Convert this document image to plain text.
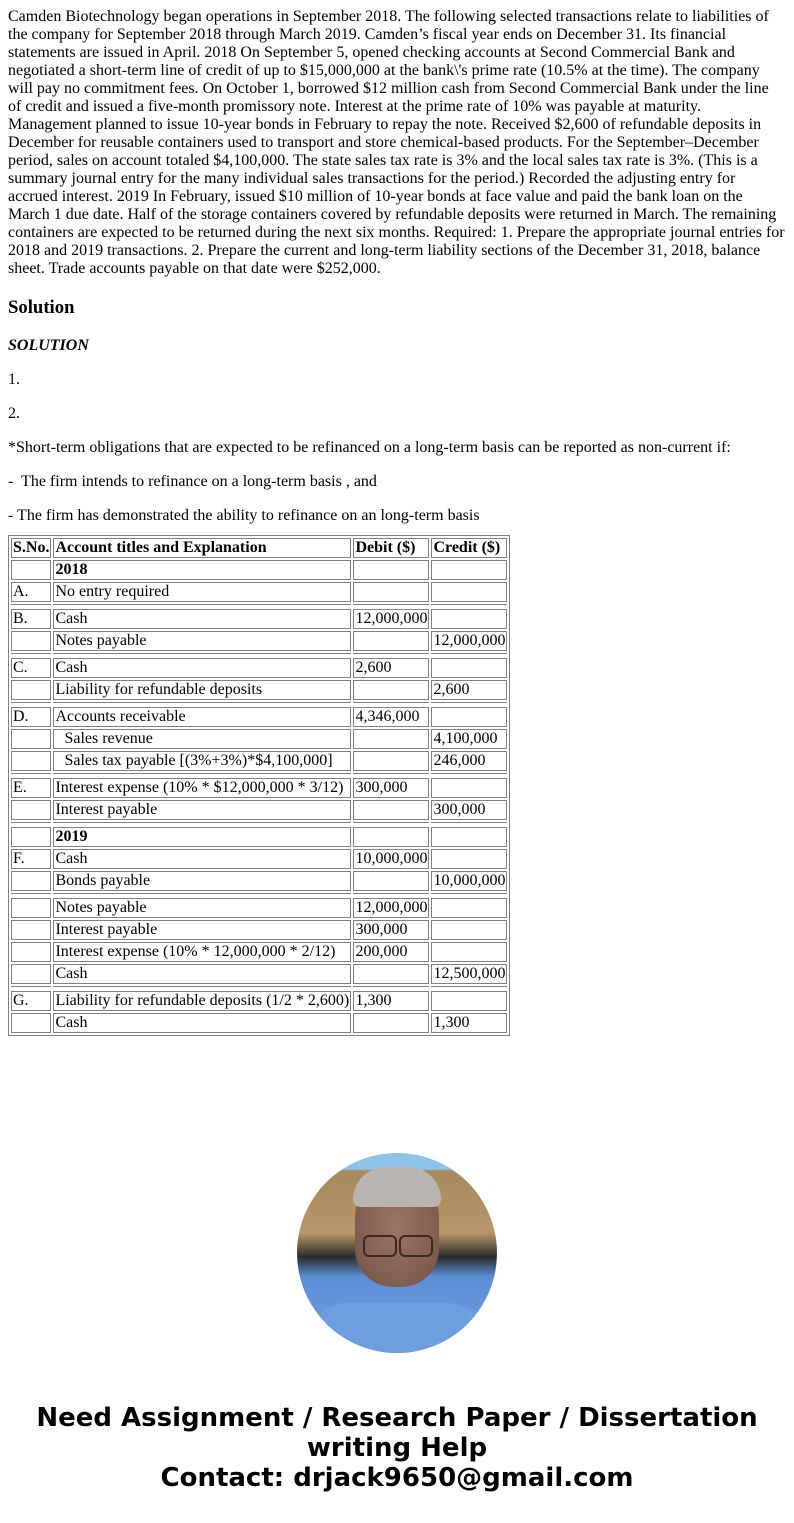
Camden Biotechnology began operations in September 2018. The following selected transactions relate to liabilities of the company for September 2018 through March 2019. Camden’s fiscal year ends on December 31. Its financial statements are issued in April. 2018 On September 5, opened checking accounts at Second Commercial Bank and negotiated a short-term line of credit of up to $15,000,000 at the bank\'s prime rate (10.5% at the time). The company will pay no commitment fees. On October 1, borrowed $12 million cash from Second Commercial Bank under the line of credit and issued a five-month promissory note. Interest at the prime rate of 10% was payable at maturity. Management planned to issue 10-year bonds in February to repay the note. Received $2,600 of refundable deposits in December for reusable containers used to transport and store chemical-based products. For the September–December period, sales on account totaled $4,100,000. The state sales tax rate is 3% and the local sales tax rate is 3%. (This is a summary journal entry for the many individual sales transactions for the period.) Recorded the adjusting entry for accrued interest. 2019 In February, issued $10 million of 10-year bonds at face value and paid the bank loan on the March 1 due date. Half of the storage containers covered by refundable deposits were returned in March. The remaining containers are expected to be returned during the next six months. Required: 1. Prepare the appropriate journal entries for 2018 and 2019 transactions. 2. Prepare the current and long-term liability sections of the December 31, 2018, balance sheet. Trade accounts payable on that date were $252,000.

Solution

SOLUTION

1.

2.

*Short-term obligations that are expected to be refinanced on a long-term basis can be reported as non-current if:

-  The firm intends to refinance on a long-term basis , and

- The firm has demonstrated the ability to refinance on an long-term basis

S.No.	Account titles and Explanation	Debit ($)	Credit ($)
	2018		
A.	No entry required		

B.	Cash	12,000,000	
	Notes payable		12,000,000

C.	Cash	2,600	
	Liability for refundable deposits		2,600

D.	Accounts receivable	4,346,000	
	Sales revenue		4,100,000
	Sales tax payable [(3%+3%)*$4,100,000]		246,000

E.	Interest expense (10% * $12,000,000 * 3/12)	300,000	
	Interest payable		300,000

	2019		
F.	Cash	10,000,000	
	Bonds payable		10,000,000

	Notes payable	12,000,000	
	Interest payable	300,000	
	Interest expense (10% * 12,000,000 * 2/12)	200,000	
	Cash		12,500,000

G.	Liability for refundable deposits (1/2 * 2,600)	1,300	
	Cash		1,300
Need Assignment / Research Paper / Dissertation
writing Help
Contact: drjack9650@gmail.com
